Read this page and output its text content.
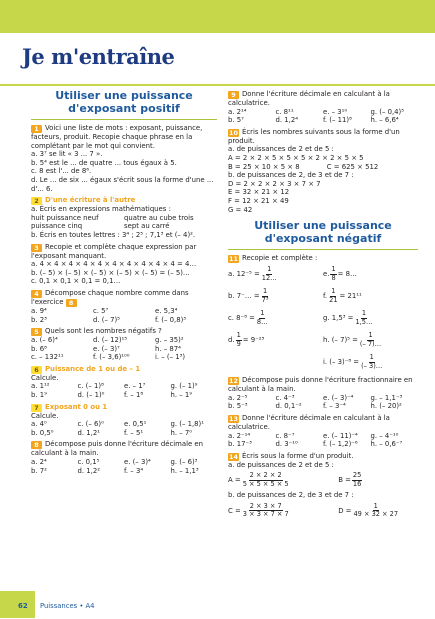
Je m'entraîne
Utiliser une puissance d'exposant positif
1 Voici une liste de mots : exposant, puissance, facteurs, produit. Recopie chaque phrase en la complétant par le mot qui convient.
a. 3⁷ se lit « 3 ... 7 ».
b. 5⁴ est le ... de quatre ... tous égaux à 5.
c. 8 est l'... de 8⁶.
d. Le ... de six ... égaux s'écrit sous la forme d'une ... d'... 6.
2 D'une écriture à l'autre
a. Écris en expressions mathématiques :
huit puissance neuf	quatre au cube trois
puissance cinq	sept au carré
b. Écris en toutes lettres : 3⁴ ; 2⁵ ; 7,1³ et (– 4)².
3 Recopie et complète chaque expression par l'exposant manquant.
a. 4 × 4 × 4 × 4 × 4 × 4 × 4 × 4 × 4 × 4 = 4…
b. (– 5) × (– 5) × (– 5) × (– 5) × (– 5) = (– 5)…
c. 0,1 × 0,1 × 0,1 = 0,1…
4 Décompose chaque nombre comme dans l'exercice 8
a. 9⁴	c. 5⁷	e. 5,3⁴
b. 2³	d. (– 7)⁵	f. (– 0,8)³
5 Quels sont les nombres négatifs ?
a. (– 6)⁴	d. (– 12)¹⁵	g. – 35)²
b. 6⁸	e. (– 3)⁷	h. – 87⁴
c. – 132¹¹	f. (– 3,6)¹⁰⁰	i. – (– 1³)
6 Puissance de 1 ou de – 1
Calcule.
a. 1¹²	c. (– 1)⁸	e. – 1⁷	g. (– 1)⁹
b. 1⁹	d. (– 1)⁰	f. – 1⁸	h. – 1⁹
7 Exposant 0 ou 1
Calcule.
a. 4⁰	c. (– 6)⁰	e. 0,5¹	g. (– 1,8)¹
b. 0,5⁰	d. 1,2¹	f. – 5¹	h. – 7⁰
8 Décompose puis donne l'écriture décimale en calculant à la main.
a. 2⁴	c. 0,1⁵	e. (– 3)⁴	g. (– 6)³
b. 7²	d. 1,2²	f. – 3⁴	h. – 1,1³
9 Donne l'écriture décimale en calculant à la calculatrice.
a. 2¹⁴	c. 8¹¹	e. – 3¹⁰	g. (– 0,4)⁵
b. 5⁷	d. 1,2⁴	f. (– 11)⁸	h. – 6,6⁴
10 Écris les nombres suivants sous la forme d'un produit.
a. de puissances de 2 et de 5 :
A = 2 × 2 × 5 × 5 × 5 × 2 × 2 × 5 × 5
B = 25 × 10 × 5 × 8	C = 625 × 512
b. de puissances de 2, de 3 et de 7 :
D = 2 × 2 × 2 × 3 × 7 × 7
E = 32 × 21 × 12
F = 12 × 21 × 49
G = 42
Utiliser une puissance d'exposant négatif
11 Recopie et complète :
a. $12^{-5} = \frac{1}{12\dots}$	e. $\frac{1}{8}$ = 8…
b. 7⁻… = $\frac{1}{\text{7³}}$	f. $\frac{1}{21} = 21^{11}$
c. $8^{-8} = \frac{1}{8\dots}$	g. $1,5^3 = \frac{1}{1,5\dots}$
d. $\frac{1}{9} = 9^{-23}$	h. (– $7)^5 = \frac{1}{(- 7)\dots}$
i. (– $3)^{-8} = \frac{1}{(- 3)\dots}$
12 Décompose puis donne l'écriture fractionnaire en calculant à la main.
a. 2⁻⁵	c. 4⁻³	e. (– 3)⁻⁴	g. – 1,1⁻³
b. 5⁻³	d. 0,1⁻²	f. – 3⁻⁴	h. (– 20)²
13 Donne l'écriture décimale en calculant à la calculatrice.
a. 2⁻¹⁴	c. 8⁻⁷	e. (– 11)⁻⁴	g. – 4⁻¹⁰
b. 17⁻³	d. 3⁻¹⁰	f. (– 1,2)⁻⁶	h. – 0,6⁻⁷
14 Écris sous la forme d'un produit.
a. de puissances de 2 et de 5 :
$A = \frac{2 \times 2 \times 2}{5 \times 5 \times 5 \times 5}$	$B = \frac{25}{16}$
b. de puissances de 2, de 3 et de 7 :
$C = \frac{2 \times 3 \times 7}{3 \times 3 \times 7 \times 7}$	$D = \frac{1}{49 \times 32 \times 27}$
62 Puissances • A4
